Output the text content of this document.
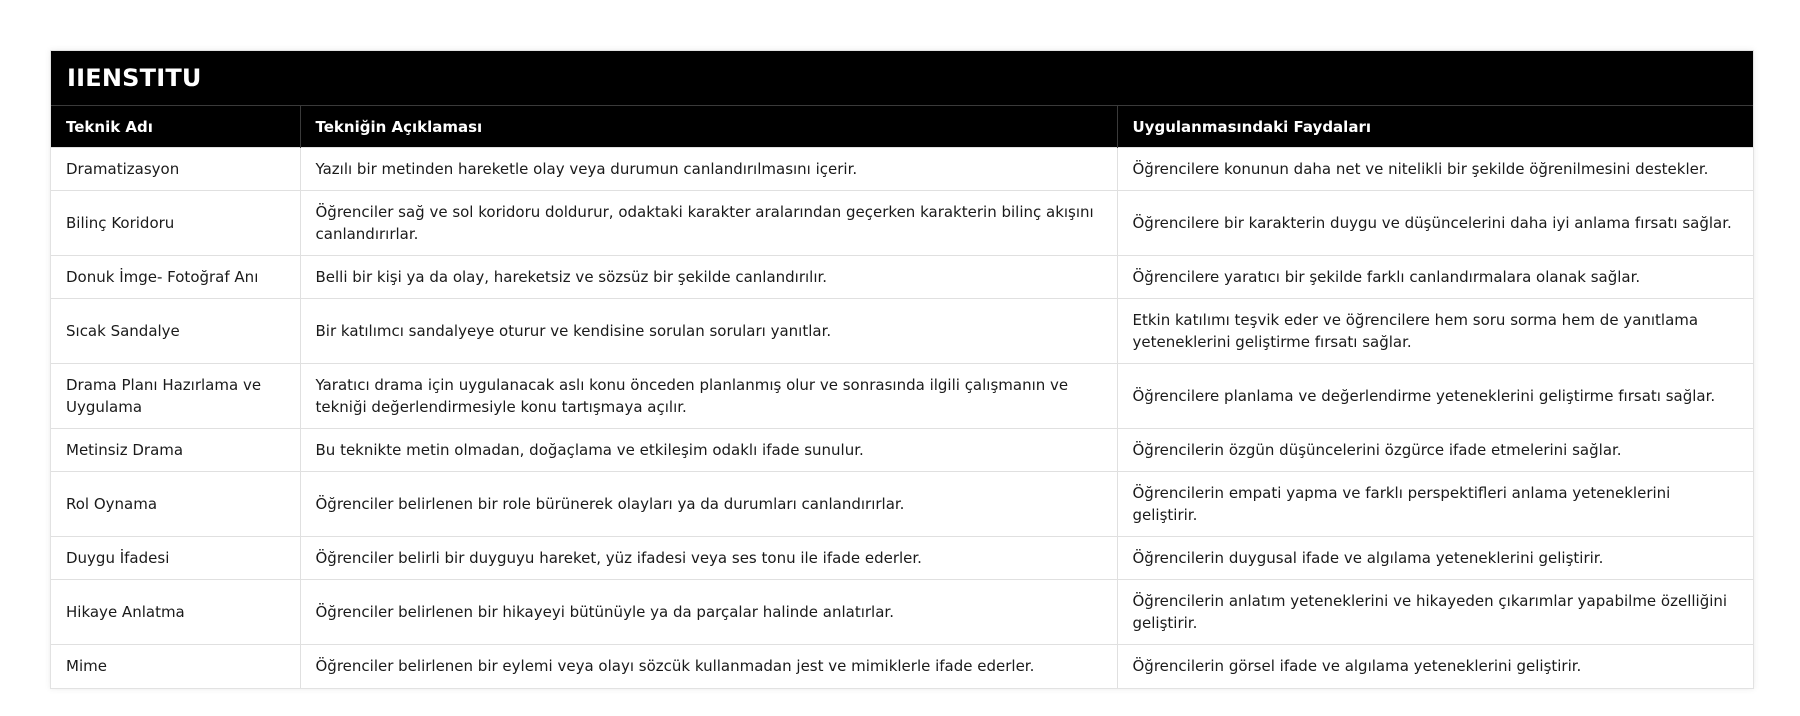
IIENSTITU
Teknik Adı	Tekniğin Açıklaması	Uygulanmasındaki Faydaları
Dramatizasyon	Yazılı bir metinden hareketle olay veya durumun canlandırılmasını içerir.	Öğrencilere konunun daha net ve nitelikli bir şekilde öğrenilmesini destekler.
Bilinç Koridoru	Öğrenciler sağ ve sol koridoru doldurur, odaktaki karakter aralarından geçerken karakterin bilinç akışını canlandırırlar.	Öğrencilere bir karakterin duygu ve düşüncelerini daha iyi anlama fırsatı sağlar.
Donuk İmge- Fotoğraf Anı	Belli bir kişi ya da olay, hareketsiz ve sözsüz bir şekilde canlandırılır.	Öğrencilere yaratıcı bir şekilde farklı canlandırmalara olanak sağlar.
Sıcak Sandalye	Bir katılımcı sandalyeye oturur ve kendisine sorulan soruları yanıtlar.	Etkin katılımı teşvik eder ve öğrencilere hem soru sorma hem de yanıtlama yeteneklerini geliştirme fırsatı sağlar.
Drama Planı Hazırlama ve Uygulama	Yaratıcı drama için uygulanacak aslı konu önceden planlanmış olur ve sonrasında ilgili çalışmanın ve tekniği değerlendirmesiyle konu tartışmaya açılır.	Öğrencilere planlama ve değerlendirme yeteneklerini geliştirme fırsatı sağlar.
Metinsiz Drama	Bu teknikte metin olmadan, doğaçlama ve etkileşim odaklı ifade sunulur.	Öğrencilerin özgün düşüncelerini özgürce ifade etmelerini sağlar.
Rol Oynama	Öğrenciler belirlenen bir role bürünerek olayları ya da durumları canlandırırlar.	Öğrencilerin empati yapma ve farklı perspektifleri anlama yeteneklerini geliştirir.
Duygu İfadesi	Öğrenciler belirli bir duyguyu hareket, yüz ifadesi veya ses tonu ile ifade ederler.	Öğrencilerin duygusal ifade ve algılama yeteneklerini geliştirir.
Hikaye Anlatma	Öğrenciler belirlenen bir hikayeyi bütünüyle ya da parçalar halinde anlatırlar.	Öğrencilerin anlatım yeteneklerini ve hikayeden çıkarımlar yapabilme özelliğini geliştirir.
Mime	Öğrenciler belirlenen bir eylemi veya olayı sözcük kullanmadan jest ve mimiklerle ifade ederler.	Öğrencilerin görsel ifade ve algılama yeteneklerini geliştirir.
